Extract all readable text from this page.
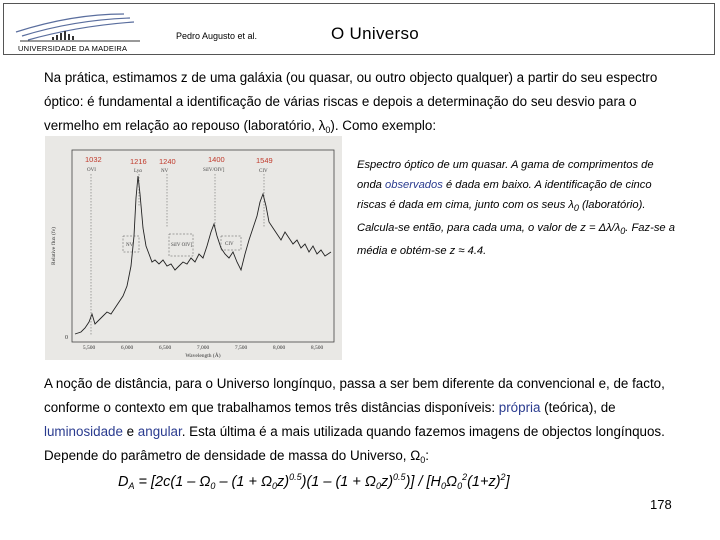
UNIVERSIDADE DA MADEIRA
Pedro Augusto et al.	O Universo
Na prática, estimamos z de uma galáxia (ou quasar, ou outro objecto qualquer) a partir do seu espectro óptico: é fundamental a identificação de várias riscas e depois a determinação do seu desvio para o vermelho em relação ao repouso (laboratório, $\lambda_0$). Como exemplo:
Relative flux (fν)
0
1032	1216 1240	1400	1549
OVI	Lyα	NV	SiIV/OIV]	CIV
NV	SiIV OIV]	CIV
5,500	6,000	6,500	7,000	7,500	8,000	8,500
Wavelength (Å)
Espectro óptico de um quasar. A gama de comprimentos de onda observados é dada em baixo. A identificação de cinco riscas é dada em cima, junto com os seus $\lambda_0$ (laboratório). Calcula-se então, para cada uma, o valor de $z = \Delta\lambda/\lambda_0$. Faz-se a média e obtém-se z ≈ 4.4.
A noção de distância, para o Universo longínquo, passa a ser bem diferente da convencional e, de facto, conforme o contexto em que trabalhamos temos três distâncias disponíveis: própria (teórica), de luminosidade e angular. Esta última é a mais utilizada quando fazemos imagens de objectos longínquos. Depende do parâmetro de densidade de massa do Universo, $\Omega_0$:
$D_A = [2c(1 - \Omega_0 - (1 + \Omega_0z)^{0.5})(1 - (1 + \Omega_0z)^{0.5})] / [H_0\Omega_0^2(1+z)^2]$
178
